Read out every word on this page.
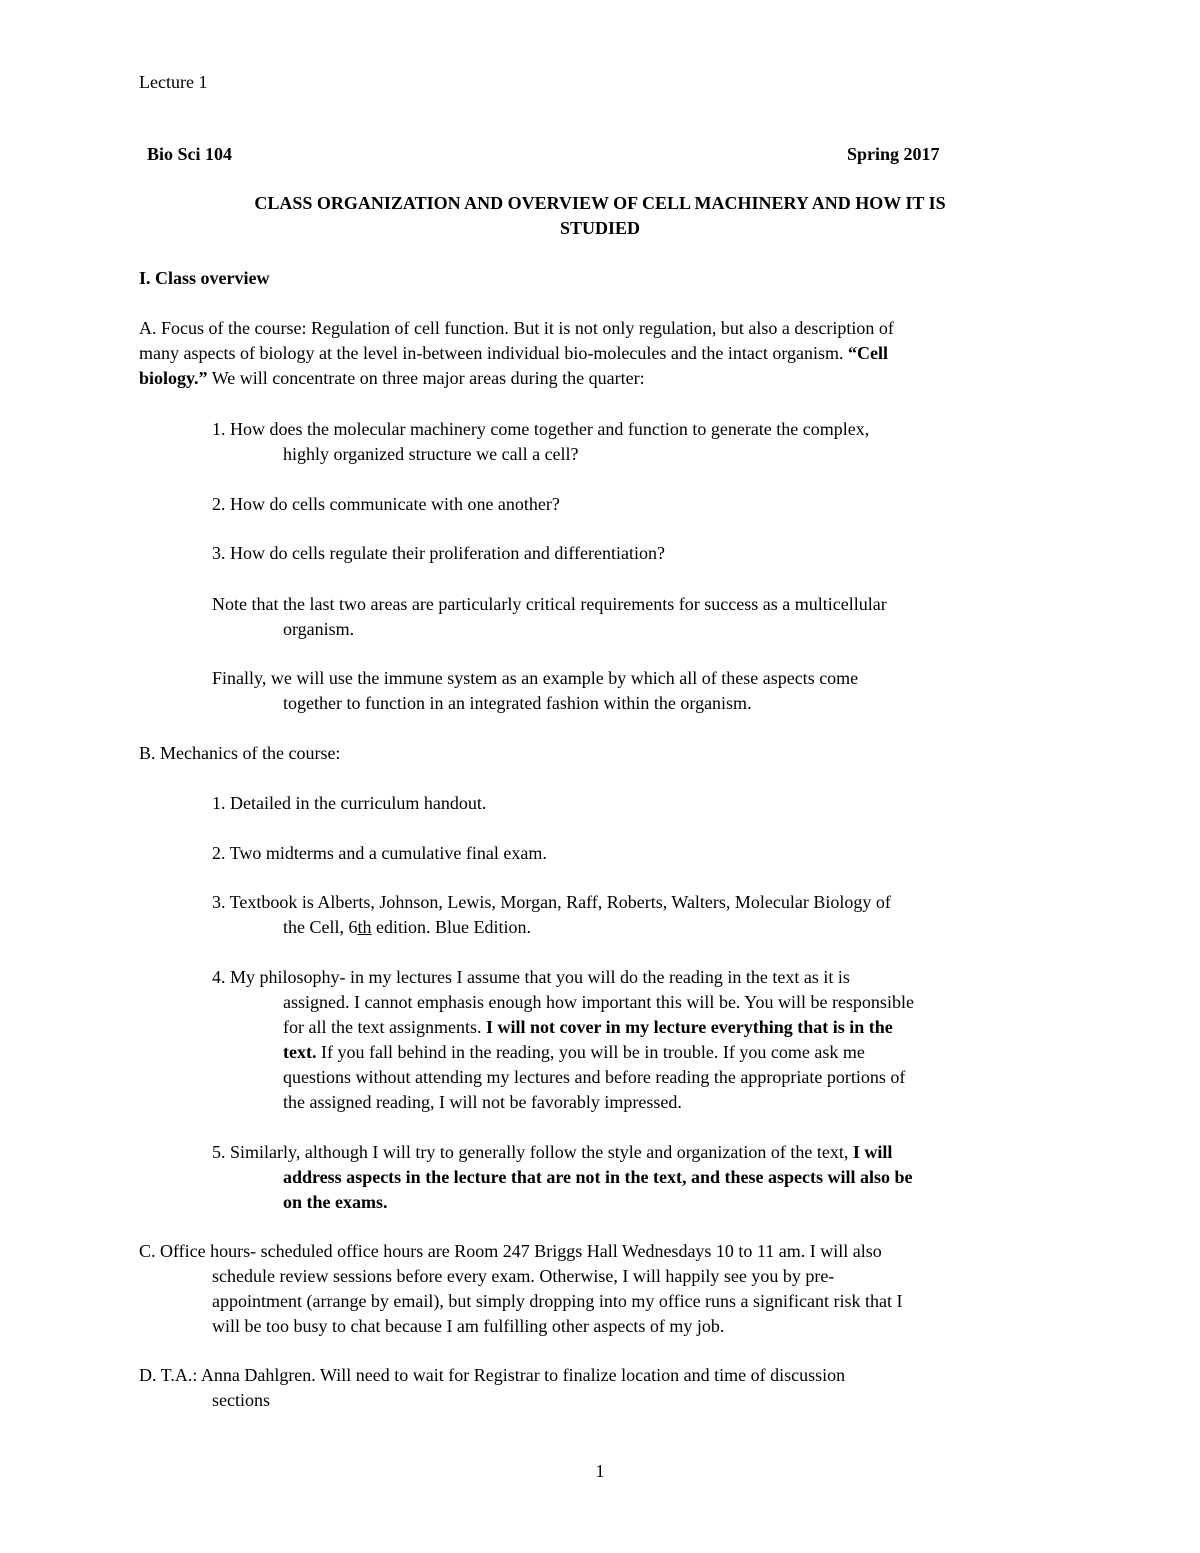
Lecture 1
Bio Sci 104	Spring 2017
CLASS ORGANIZATION AND OVERVIEW OF CELL MACHINERY AND HOW IT IS
STUDIED
I. Class overview
A. Focus of the course: Regulation of cell function. But it is not only regulation, but also a description of
many aspects of biology at the level in-between individual bio-molecules and the intact organism. “Cell
biology.” We will concentrate on three major areas during the quarter:
1. How does the molecular machinery come together and function to generate the complex,
highly organized structure we call a cell?
2. How do cells communicate with one another?
3. How do cells regulate their proliferation and differentiation?
Note that the last two areas are particularly critical requirements for success as a multicellular
organism.
Finally, we will use the immune system as an example by which all of these aspects come
together to function in an integrated fashion within the organism.
B. Mechanics of the course:
1. Detailed in the curriculum handout.
2. Two midterms and a cumulative final exam.
3. Textbook is Alberts, Johnson, Lewis, Morgan, Raff, Roberts, Walters, Molecular Biology of
the Cell, 6th edition. Blue Edition.
4. My philosophy- in my lectures I assume that you will do the reading in the text as it is
assigned. I cannot emphasis enough how important this will be. You will be responsible
for all the text assignments. I will not cover in my lecture everything that is in the
text. If you fall behind in the reading, you will be in trouble. If you come ask me
questions without attending my lectures and before reading the appropriate portions of
the assigned reading, I will not be favorably impressed.
5. Similarly, although I will try to generally follow the style and organization of the text, I will
address aspects in the lecture that are not in the text, and these aspects will also be
on the exams.
C. Office hours- scheduled office hours are Room 247 Briggs Hall Wednesdays 10 to 11 am. I will also
schedule review sessions before every exam. Otherwise, I will happily see you by pre-
appointment (arrange by email), but simply dropping into my office runs a significant risk that I
will be too busy to chat because I am fulfilling other aspects of my job.
D. T.A.: Anna Dahlgren. Will need to wait for Registrar to finalize location and time of discussion
sections
1
